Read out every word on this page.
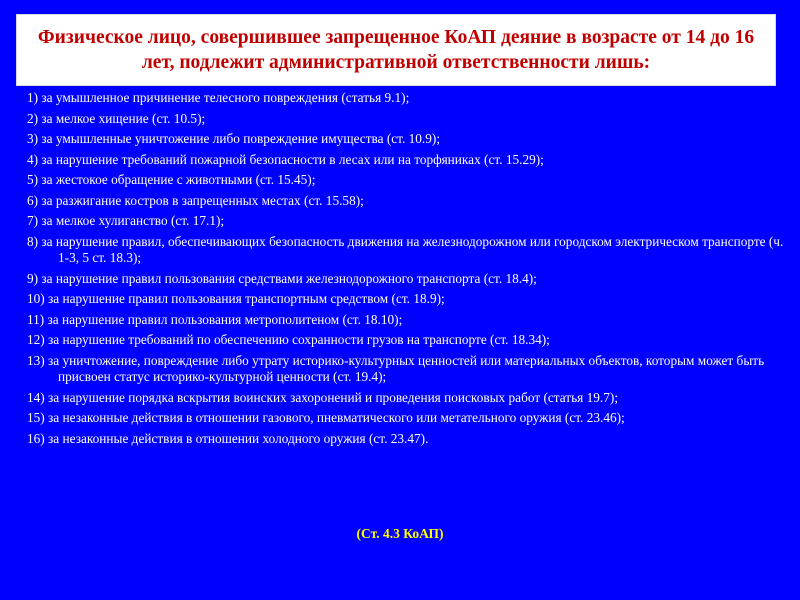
Физическое лицо, совершившее запрещенное КоАП деяние в возрасте от 14 до 16 лет, подлежит административной ответственности лишь:
1) за умышленное причинение телесного повреждения (статья 9.1);
2) за мелкое хищение (ст. 10.5);
3) за умышленные уничтожение либо повреждение имущества (ст. 10.9);
4) за нарушение требований пожарной безопасности в лесах или на торфяниках (ст. 15.29);
5) за жестокое обращение с животными (ст. 15.45);
6) за разжигание костров в запрещенных местах (ст. 15.58);
7) за мелкое хулиганство (ст. 17.1);
8) за нарушение правил, обеспечивающих безопасность движения на железнодорожном или городском электрическом транспорте (ч. 1-3, 5 ст. 18.3);
9) за нарушение правил пользования средствами железнодорожного транспорта (ст. 18.4);
10) за нарушение правил пользования транспортным средством (ст. 18.9);
11) за нарушение правил пользования метрополитеном (ст. 18.10);
12) за нарушение требований по обеспечению сохранности грузов на транспорте (ст. 18.34);
13) за уничтожение, повреждение либо утрату историко-культурных ценностей или материальных объектов, которым может быть присвоен статус историко-культурной ценности (ст. 19.4);
14) за нарушение порядка вскрытия воинских захоронений и проведения поисковых работ (статья 19.7);
15) за незаконные действия в отношении газового, пневматического или метательного оружия (ст. 23.46);
16) за незаконные действия в отношении холодного оружия (ст. 23.47).
(Ст. 4.3 КоАП)
